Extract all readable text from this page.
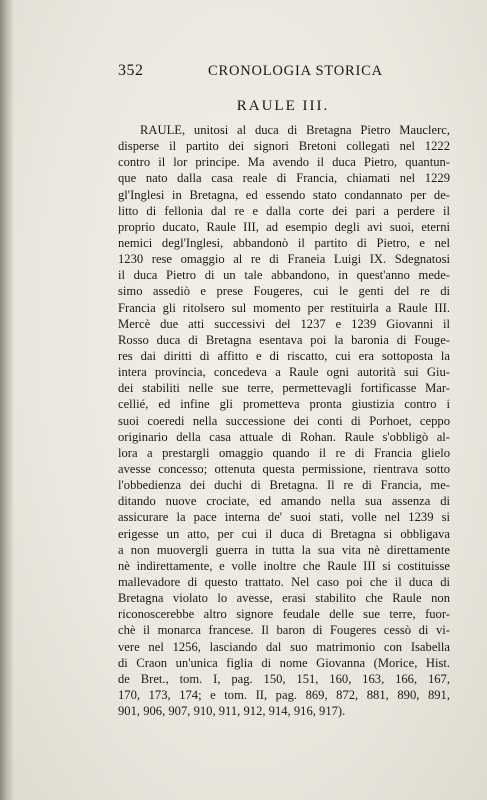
352	CRONOLOGIA STORICA
RAULE III.
RAULE, unitosi al duca di Bretagna Pietro Mauclerc,
disperse il partito dei signori Bretoni collegati nel 1222
contro il lor principe. Ma avendo il duca Pietro, quantun-
que nato dalla casa reale di Francia, chiamati nel 1229
gl'Inglesi in Bretagna, ed essendo stato condannato per de-
litto di fellonia dal re e dalla corte dei pari a perdere il
proprio ducato, Raule III, ad esempio degli avi suoi, eterni
nemici degl'Inglesi, abbandonò il partito di Pietro, e nel
1230 rese omaggio al re di Franeia Luigi IX. Sdegnatosi
il duca Pietro di un tale abbandono, in quest'anno mede-
simo assediò e prese Fougeres, cui le genti del re di
Francia gli ritolsero sul momento per restituirla a Raule III.
Mercè due atti successivi del 1237 e 1239 Giovanni il
Rosso duca di Bretagna esentava poi la baronia di Fouge-
res dai diritti di affitto e di riscatto, cui era sottoposta la
intera provincia, concedeva a Raule ogni autorità sui Giu-
dei stabiliti nelle sue terre, permettevagli fortificasse Mar-
cellié, ed infine gli prometteva pronta giustizia contro i
suoi coeredi nella successione dei conti di Porhoet, ceppo
originario della casa attuale di Rohan. Raule s'obbligò al-
lora a prestargli omaggio quando il re di Francia glielo
avesse concesso; ottenuta questa permissione, rientrava sotto
l'obbedienza dei duchi di Bretagna. Il re di Francia, me-
ditando nuove crociate, ed amando nella sua assenza di
assicurare la pace interna de' suoi stati, volle nel 1239 si
erigesse un atto, per cui il duca di Bretagna si obbligava
a non muovergli guerra in tutta la sua vita nè direttamente
nè indirettamente, e volle inoltre che Raule III si costituisse
mallevadore di questo trattato. Nel caso poi che il duca di
Bretagna violato lo avesse, erasi stabilito che Raule non
riconoscerebbe altro signore feudale delle sue terre, fuor-
chè il monarca francese. Il baron di Fougeres cessò di vi-
vere nel 1256, lasciando dal suo matrimonio con Isabella
di Craon un'unica figlia di nome Giovanna (Morice, Hist.
de Bret., tom. I, pag. 150, 151, 160, 163, 166, 167,
170, 173, 174; e tom. II, pag. 869, 872, 881, 890, 891,
901, 906, 907, 910, 911, 912, 914, 916, 917).
